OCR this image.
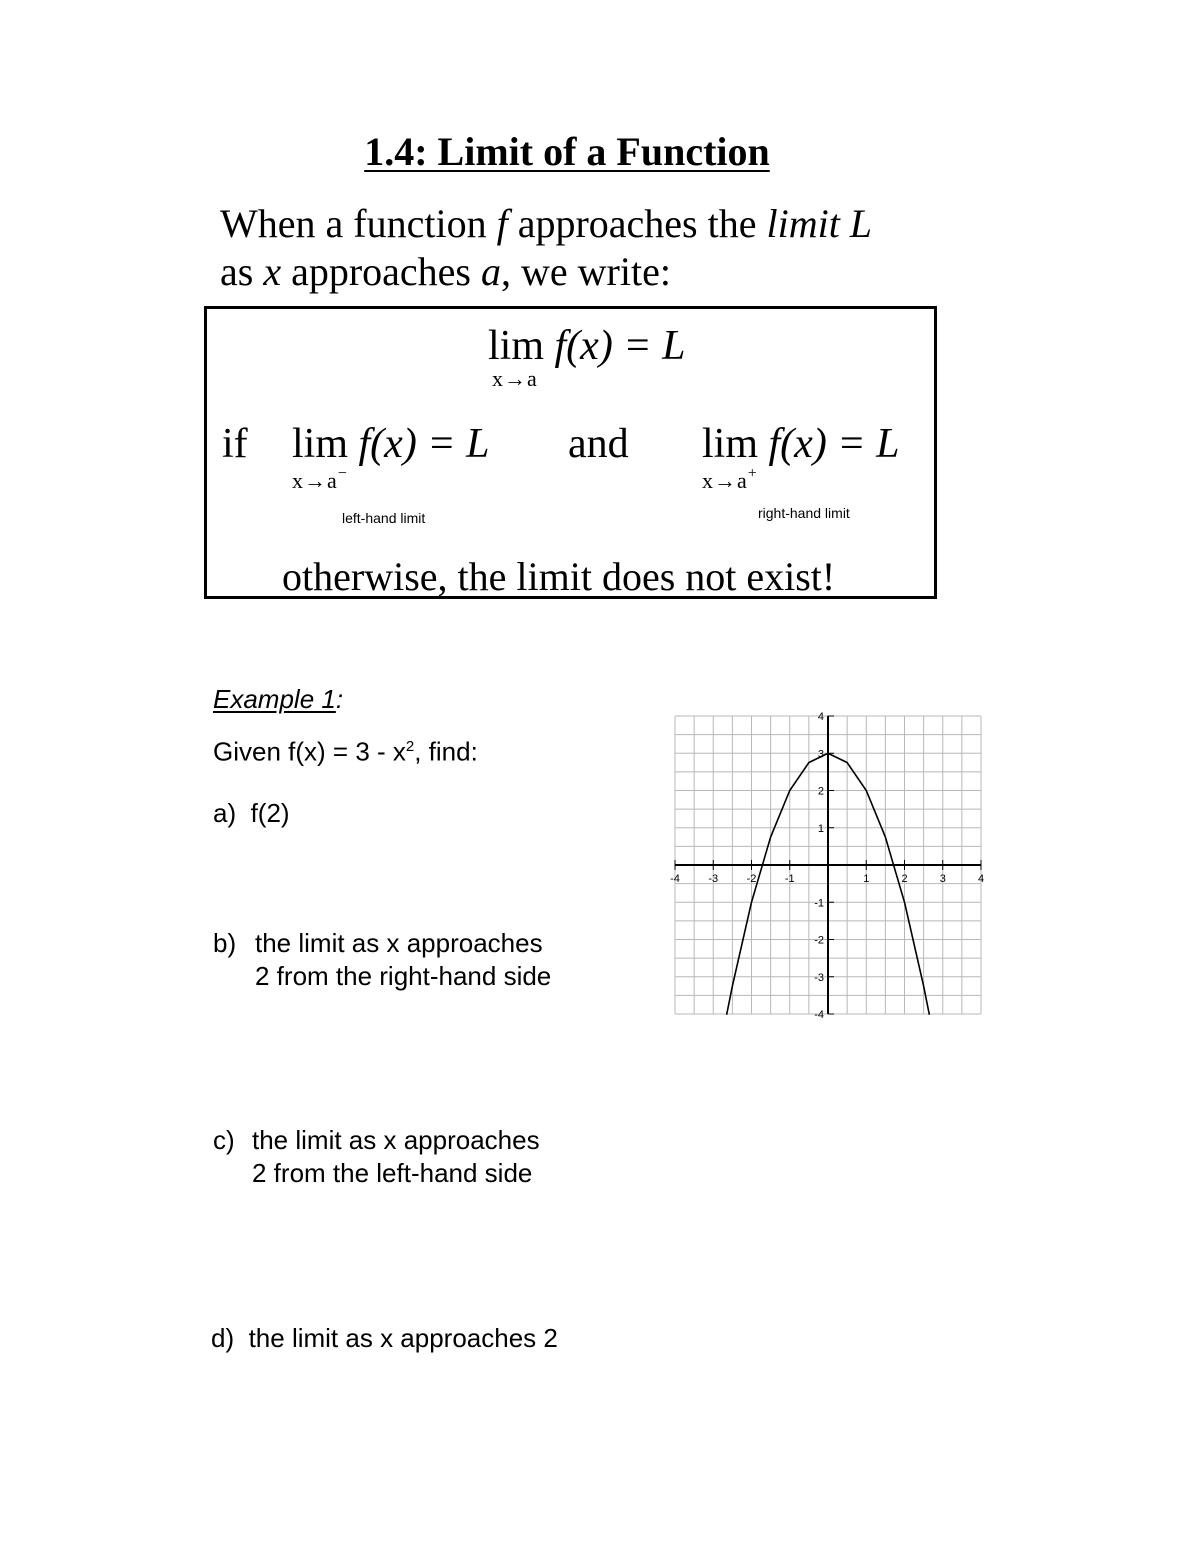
1.4: Limit of a Function
When a function f approaches the limit L
as x approaches a, we write:
lim f(x) = L
x→a
if lim f(x) = L
x→a−
and lim f(x) = L
x→a+
left-hand limit	right-hand limit
otherwise, the limit does not exist!
Example 1:
Given $f(x) = 3 - x^2$, find:
a) f(2)
b) the limit as x approaches
2 from the right-hand side
c) the limit as x approaches
2 from the left-hand side
d) the limit as x approaches 2
-4	-3	-2	-1	1	2	3	4
4
3
2
1
-1
-2
-3
-4
